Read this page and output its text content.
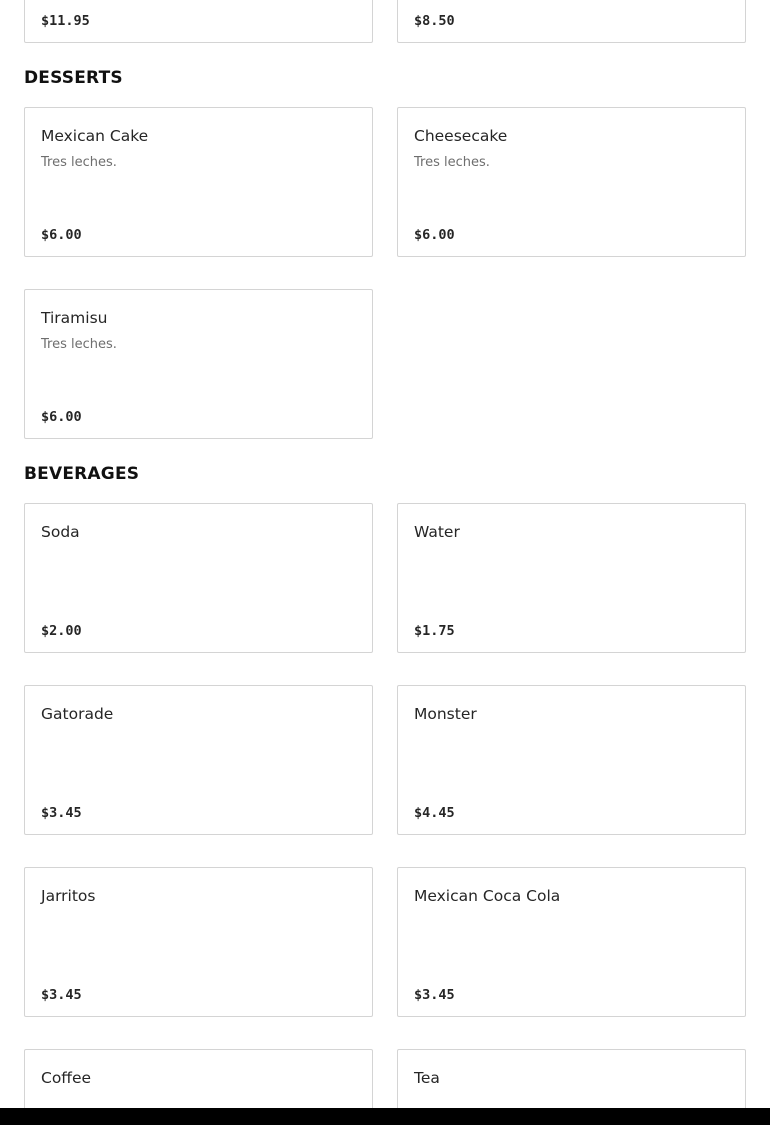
$11.95	$8.50
DESSERTS
Mexican Cake
Tres leches.
$6.00
Cheesecake
Tres leches.
$6.00
Tiramisu
Tres leches.
$6.00
BEVERAGES
Soda
$2.00
Water
$1.75
Gatorade
$3.45
Monster
$4.45
Jarritos
$3.45
Mexican Coca Cola
$3.45
Coffee	Tea
